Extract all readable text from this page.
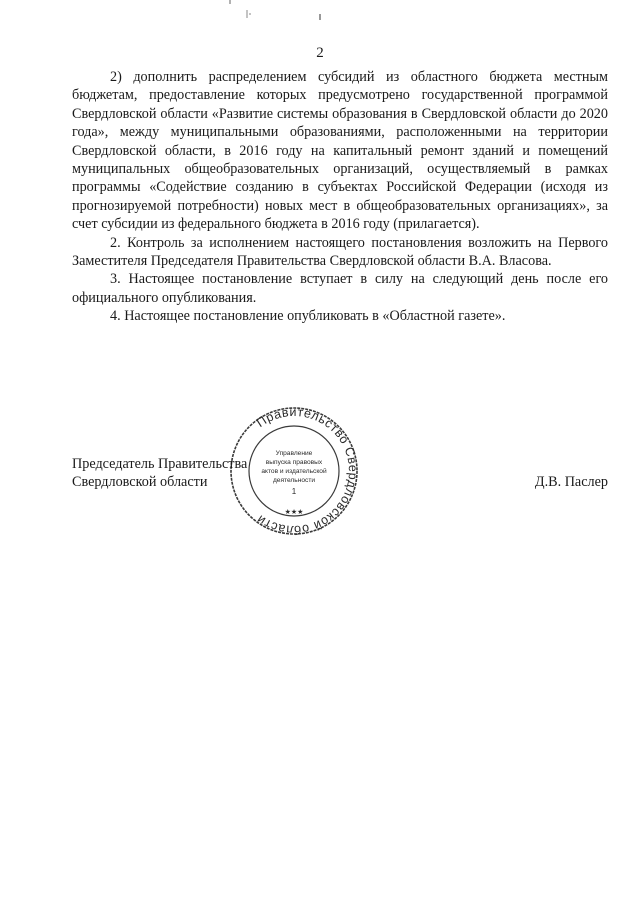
2

2) дополнить распределением субсидий из областного бюджета местным бюджетам, предоставление которых предусмотрено государственной программой Свердловской области «Развитие системы образования в Свердловской области до 2020 года», между муниципальными образованиями, расположенными на территории Свердловской области, в 2016 году на капитальный ремонт зданий и помещений муниципальных общеобразовательных организаций, осуществляемый в рамках программы «Содействие созданию в субъектах Российской Федерации (исходя из прогнозируемой потребности) новых мест в общеобразовательных организациях», за счет субсидии из федерального бюджета в 2016 году (прилагается).

2. Контроль за исполнением настоящего постановления возложить на Первого Заместителя Председателя Правительства Свердловской области В.А. Власова.

3. Настоящее постановление вступает в силу на следующий день после его официального опубликования.

4. Настоящее постановление опубликовать в «Областной газете».

Правительство Свердловской области
Управление
выпуска правовых
актов и издательской
деятельности
1
★★★
Председатель Правительства
Свердловской области	Д.В. Паслер
